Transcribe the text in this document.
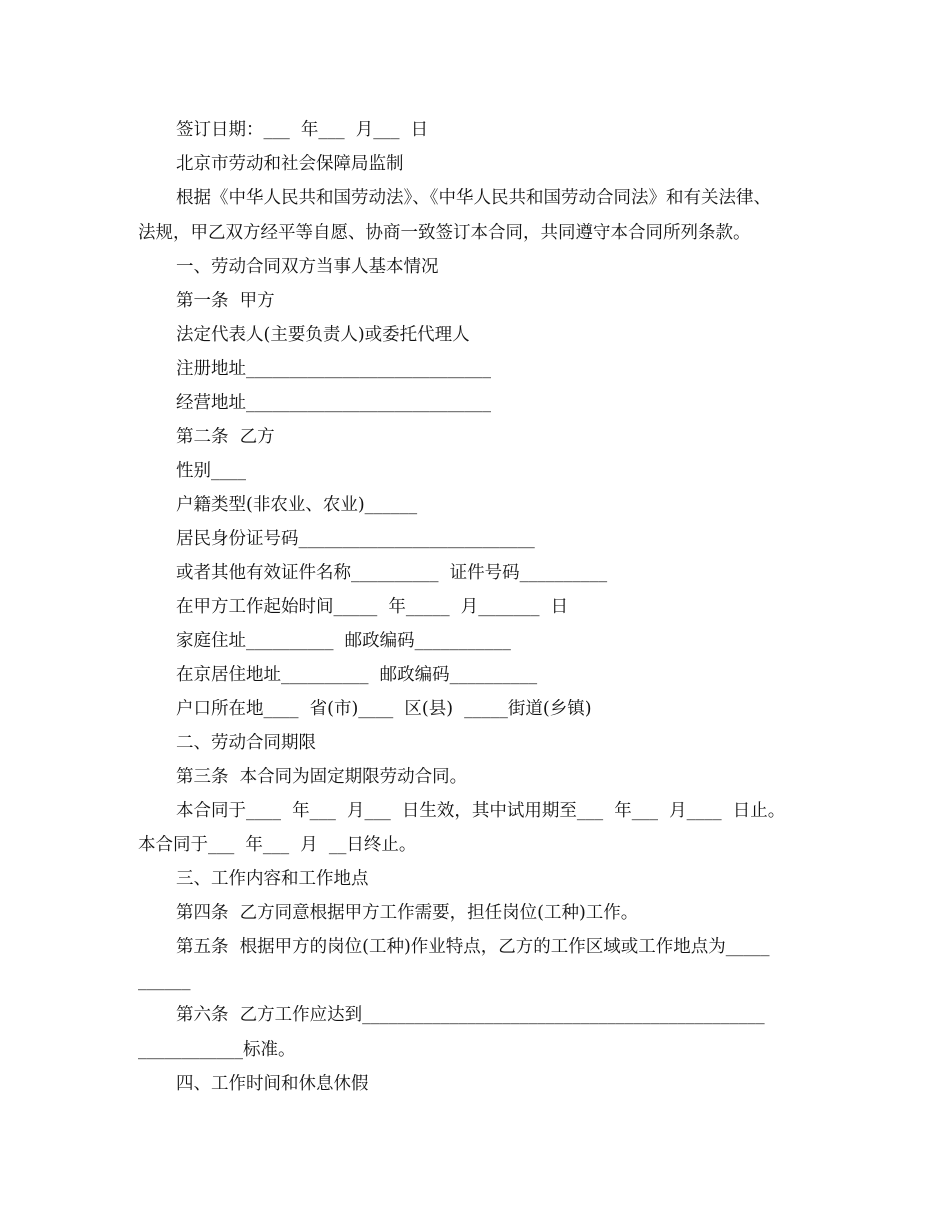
签订日期：___  年___  月___  日
北京市劳动和社会保障局监制
根据《中华人民共和国劳动法》、《中华人民共和国劳动合同法》和有关法律、
法规，甲乙双方经平等自愿、协商一致签订本合同，共同遵守本合同所列条款。
一、劳动合同双方当事人基本情况
第一条  甲方
法定代表人(主要负责人)或委托代理人
注册地址____________________________
经营地址____________________________
第二条  乙方
性别____
户籍类型(非农业、农业)______
居民身份证号码___________________________
或者其他有效证件名称__________  证件号码__________
在甲方工作起始时间_____  年_____  月_______  日
家庭住址__________  邮政编码___________
在京居住地址__________  邮政编码__________
户口所在地____  省(市)____  区(县)  _____街道(乡镇)
二、劳动合同期限
第三条  本合同为固定期限劳动合同。
本合同于____  年___  月___  日生效，其中试用期至___  年___  月____  日止。
本合同于___  年___  月  __日终止。
三、工作内容和工作地点
第四条  乙方同意根据甲方工作需要，担任岗位(工种)工作。
第五条  根据甲方的岗位(工种)作业特点，乙方的工作区域或工作地点为_____
______
第六条  乙方工作应达到______________________________________________
____________标准。
四、工作时间和休息休假
